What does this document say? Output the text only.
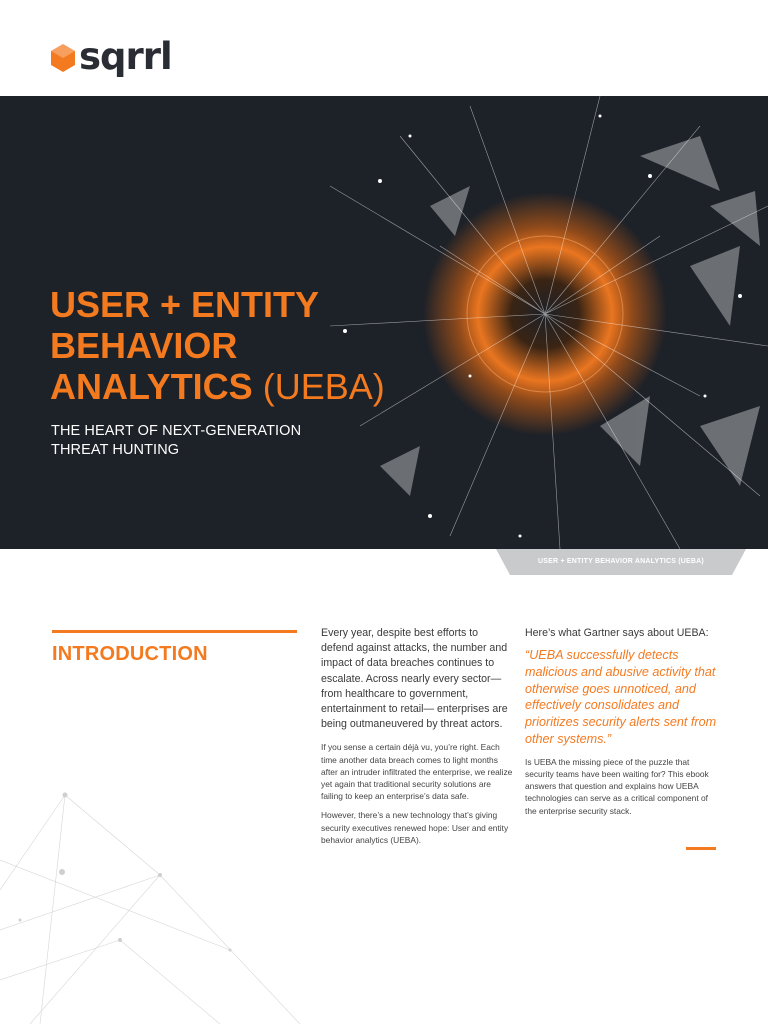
sqrrl
USER + ENTITY
BEHAVIOR
ANALYTICS (UEBA)
THE HEART OF NEXT-GENERATION
THREAT HUNTING
USER + ENTITY BEHAVIOR ANALYTICS (UEBA)
INTRODUCTION

Every year, despite best efforts to defend against attacks, the number and impact of data breaches continues to escalate. Across nearly every sector— from healthcare to government, entertainment to retail— enterprises are being outmaneuvered by threat actors.

If you sense a certain déjà vu, you’re right. Each time another data breach comes to light months after an intruder infiltrated the enterprise, we realize yet again that traditional security solutions are failing to keep an enterprise’s data safe.

However, there’s a new technology that’s giving security executives renewed hope: User and entity behavior analytics (UEBA).

Here’s what Gartner says about UEBA:

“UEBA successfully detects malicious and abusive activity that otherwise goes unnoticed, and effectively consolidates and prioritizes security alerts sent from other systems.”

Is UEBA the missing piece of the puzzle that security teams have been waiting for? This ebook answers that question and explains how UEBA technologies can serve as a critical component of the enterprise security stack.
